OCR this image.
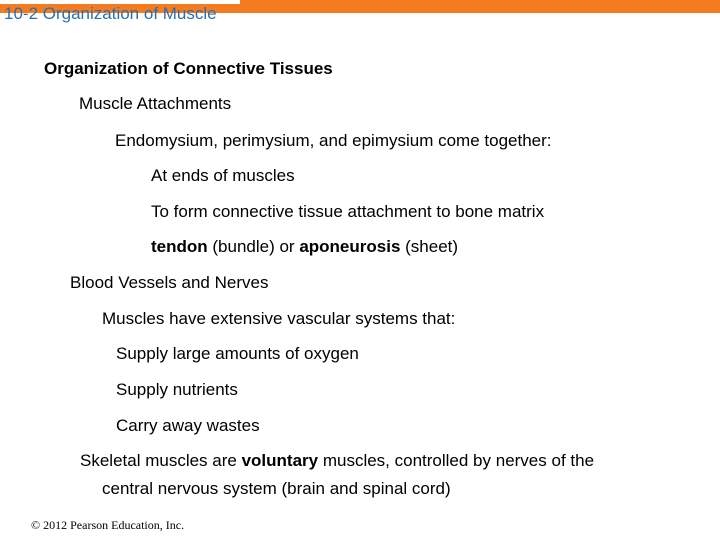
10-2 Organization of Muscle
Organization of Connective Tissues
Muscle Attachments
Endomysium, perimysium, and epimysium come together:
At ends of muscles
To form connective tissue attachment to bone matrix
tendon (bundle) or aponeurosis (sheet)
Blood Vessels and Nerves
Muscles have extensive vascular systems that:
Supply large amounts of oxygen
Supply nutrients
Carry away wastes
Skeletal muscles are voluntary muscles, controlled by nerves of the
central nervous system (brain and spinal cord)
© 2012 Pearson Education, Inc.
